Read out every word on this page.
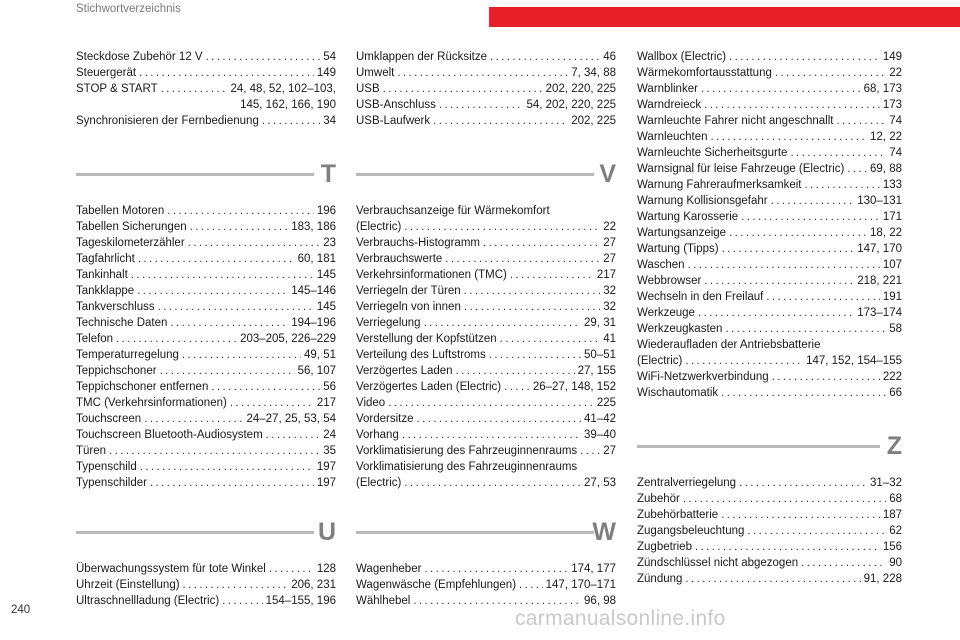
Stichwortverzeichnis
Steckdose Zubehör 12 V . . .	54
Steuergerät . . .	149
STOP & START . . .	24, 48, 52, 102–103,
145, 162, 166, 190
Synchronisieren der Fernbedienung . . .	34
T
Tabellen Motoren . . .	196
Tabellen Sicherungen . . .	183, 186
Tageskilometerzähler . . .	23
Tagfahrlicht . . .	60, 181
Tankinhalt . . .	145
Tankklappe . . .	145–146
Tankverschluss . . .	145
Technische Daten . . .	194–196
Telefon . . .	203–205, 226–229
Temperaturregelung . . .	49, 51
Teppichschoner . . .	56, 107
Teppichschoner entfernen . . .	56
TMC (Verkehrsinformationen) . . .	217
Touchscreen . . .	24–27, 25, 53, 54
Touchscreen Bluetooth-Audiosystem . . .	24
Türen . . .	35
Typenschild . . .	197
Typenschilder . . .	197
U
Überwachungssystem für tote Winkel . . .	128
Uhrzeit (Einstellung) . . .	206, 231
Ultraschnellladung (Electric) . . .	154–155, 196
Umklappen der Rücksitze . . .	46
Umwelt . . .	7, 34, 88
USB . . .	202, 220, 225
USB-Anschluss . . .	54, 202, 220, 225
USB-Laufwerk . . .	202, 225
V
Verbrauchsanzeige für Wärmekomfort
(Electric) . . .	22
Verbrauchs-Histogramm . . .	27
Verbrauchswerte . . .	27
Verkehrsinformationen (TMC) . . .	217
Verriegeln der Türen . . .	32
Verriegeln von innen . . .	32
Verriegelung . . .	29, 31
Verstellung der Kopfstützen . . .	41
Verteilung des Luftstroms . . .	50–51
Verzögertes Laden . . .	27, 155
Verzögertes Laden (Electric) . . .	26–27, 148, 152
Video . . .	225
Vordersitze . . .	41–42
Vorhang . . .	39–40
Vorklimatisierung des Fahrzeuginnenraums . . . 27
Vorklimatisierung des Fahrzeuginnenraums
(Electric) . . .	27, 53
W
Wagenheber . . .	174, 177
Wagenwäsche (Empfehlungen) . . .	147, 170–171
Wählhebel . . .	96, 98
Wallbox (Electric) . . .	149
Wärmekomfortausstattung . . .	22
Warnblinker . . .	68, 173
Warndreieck . . .	173
Warnleuchte Fahrer nicht angeschnallt . . .	74
Warnleuchten . . .	12, 22
Warnleuchte Sicherheitsgurte . . .	74
Warnsignal für leise Fahrzeuge (Electric) . . . 69, 88
Warnung Fahreraufmerksamkeit . . .	133
Warnung Kollisionsgefahr . . .	130–131
Wartung Karosserie . . .	171
Wartungsanzeige . . .	18, 22
Wartung (Tipps) . . .	147, 170
Waschen . . .	107
Webbrowser . . .	218, 221
Wechseln in den Freilauf . . .	191
Werkzeuge . . .	173–174
Werkzeugkasten . . .	58
Wiederaufladen der Antriebsbatterie
(Electric) . . .	147, 152, 154–155
WiFi-Netzwerkverbindung . . .	222
Wischautomatik . . .	66
Z
Zentralverriegelung . . .	31–32
Zubehör . . .	68
Zubehörbatterie . . .	187
Zugangsbeleuchtung . . .	62
Zugbetrieb . . .	156
Zündschlüssel nicht abgezogen . . .	90
Zündung . . .	91, 228
240	carmanualsonline.info
